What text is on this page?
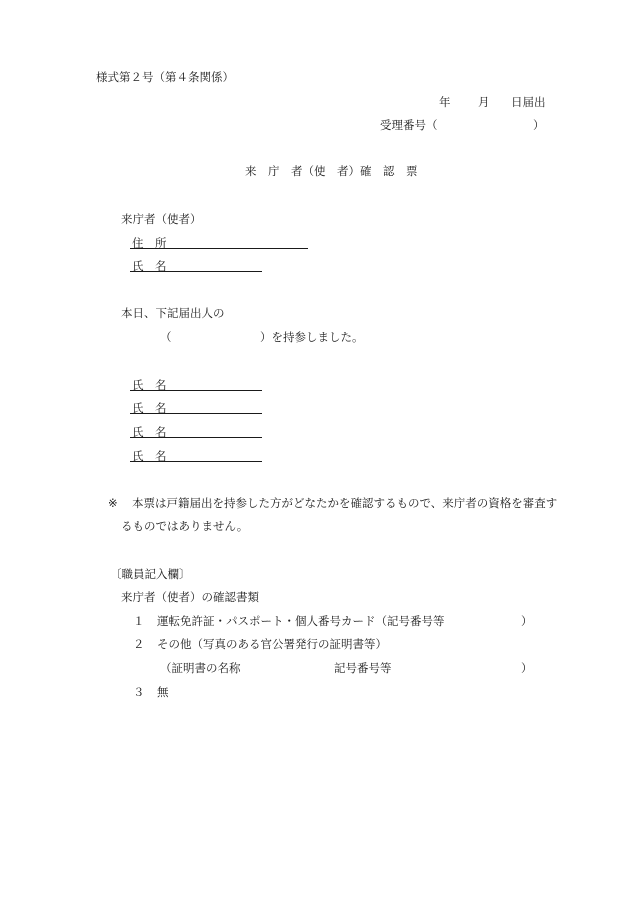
様式第２号（第４条関係）
年 月 日届出
受理番号（	）
来　庁　者（使　者）確　認　票
来庁者（使者）
住　所
氏　名
本日、下記届出人の
（	）を持参しました。
氏　名
氏　名
氏　名
氏　名
※ 本票は戸籍届出を持参した方がどなたかを確認するもので、来庁者の資格を審査す
るものではありません。
〔職員記入欄〕
来庁者（使者）の確認書類
１ 運転免許証・パスポート・個人番号カード（記号番号等	）
２ その他（写真のある官公署発行の証明書等）
（証明書の名称	記号番号等	）
３ 無
